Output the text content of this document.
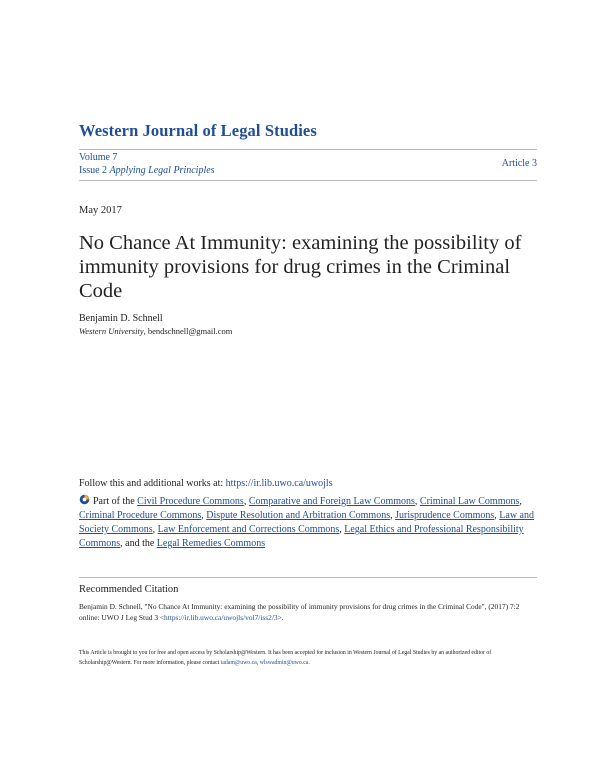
Western Journal of Legal Studies
Volume 7
Issue 2 Applying Legal Principles
Article 3
May 2017
No Chance At Immunity: examining the possibility of immunity provisions for drug crimes in the Criminal Code
Benjamin D. Schnell
Western University, bendschnell@gmail.com
Follow this and additional works at: https://ir.lib.uwo.ca/uwojls
Part of the Civil Procedure Commons, Comparative and Foreign Law Commons, Criminal Law Commons, Criminal Procedure Commons, Dispute Resolution and Arbitration Commons, Jurisprudence Commons, Law and Society Commons, Law Enforcement and Corrections Commons, Legal Ethics and Professional Responsibility Commons, and the Legal Remedies Commons
Recommended Citation
Benjamin D. Schnell, "No Chance At Immunity: examining the possibility of immunity provisions for drug crimes in the Criminal Code", (2017) 7:2 online: UWO J Leg Stud 3 <https://ir.lib.uwo.ca/uwojls/vol7/iss2/3>.
This Article is brought to you for free and open access by Scholarship@Western. It has been accepted for inclusion in Western Journal of Legal Studies by an authorized editor of Scholarship@Western. For more information, please contact tadam@uwo.ca, wlswadmin@uwo.ca.
